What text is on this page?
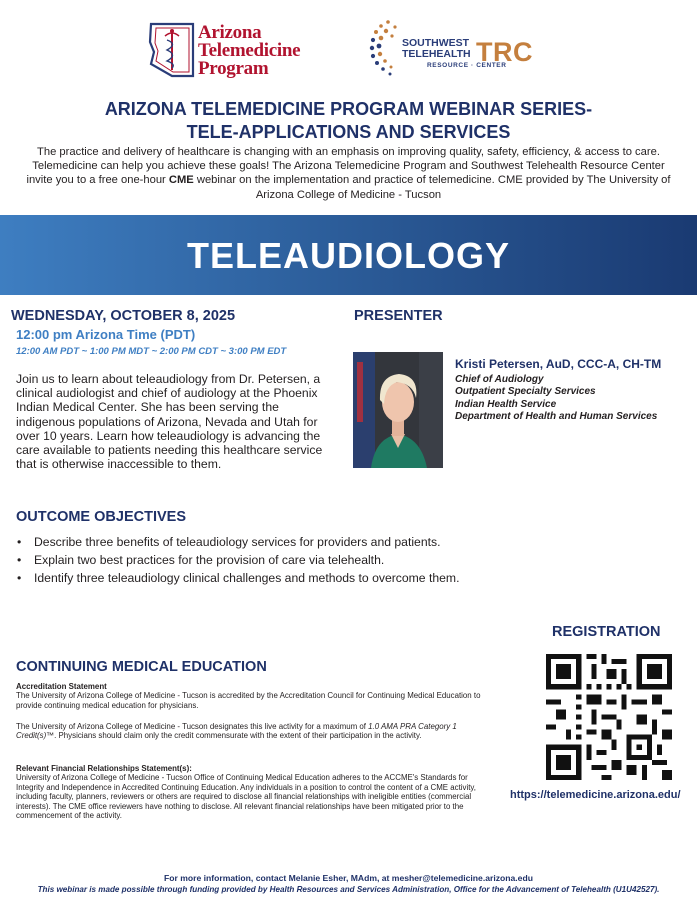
Arizona
Telemedicine
Program
SOUTHWEST
TELEHEALTH TRC
RESOURCE · CENTER
ARIZONA TELEMEDICINE PROGRAM WEBINAR SERIES-
TELE-APPLICATIONS AND SERVICES
The practice and delivery of healthcare is changing with an emphasis on improving quality, safety, efficiency, & access to care. Telemedicine can help you achieve these goals! The Arizona Telemedicine Program and Southwest Telehealth Resource Center invite you to a free one-hour CME webinar on the implementation and practice of telemedicine. CME provided by The University of Arizona College of Medicine - Tucson
TELEAUDIOLOGY
WEDNESDAY, OCTOBER 8, 2025
12:00 pm Arizona Time (PDT)
12:00 AM PDT ~ 1:00 PM MDT ~ 2:00 PM CDT ~ 3:00 PM EDT
Join us to learn about teleaudiology from Dr. Petersen, a clinical audiologist and chief of audiology at the Phoenix Indian Medical Center. She has been serving the indigenous populations of Arizona, Nevada and Utah for over 10 years. Learn how teleaudiology is advancing the care available to patients needing this healthcare service that is otherwise inaccessible to them.
PRESENTER
Kristi Petersen, AuD, CCC-A, CH-TM
Chief of Audiology
Outpatient Specialty Services
Indian Health Service
Department of Health and Human Services
OUTCOME OBJECTIVES
• Describe three benefits of teleaudiology services for providers and patients.
• Explain two best practices for the provision of care via telehealth.
• Identify three teleaudiology clinical challenges and methods to overcome them.
REGISTRATION
https://telemedicine.arizona.edu/
CONTINUING MEDICAL EDUCATION
Accreditation Statement
The University of Arizona College of Medicine - Tucson is accredited by the Accreditation Council for Continuing Medical Education to provide continuing medical education for physicians.
The University of Arizona College of Medicine - Tucson designates this live activity for a maximum of 1.0 AMA PRA Category 1 Credit(s)™. Physicians should claim only the credit commensurate with the extent of their participation in the activity.
Relevant Financial Relationships Statement(s):
University of Arizona College of Medicine - Tucson Office of Continuing Medical Education adheres to the ACCME's Standards for Integrity and Independence in Accredited Continuing Education. Any individuals in a position to control the content of a CME activity, including faculty, planners, reviewers or others are required to disclose all financial relationships with ineligible entities (commercial interests). The CME office reviewers have nothing to disclose. All relevant financial relationships have been mitigated prior to the commencement of the activity.
For more information, contact Melanie Esher, MAdm, at mesher@telemedicine.arizona.edu
This webinar is made possible through funding provided by Health Resources and Services Administration, Office for the Advancement of Telehealth (U1U42527).
